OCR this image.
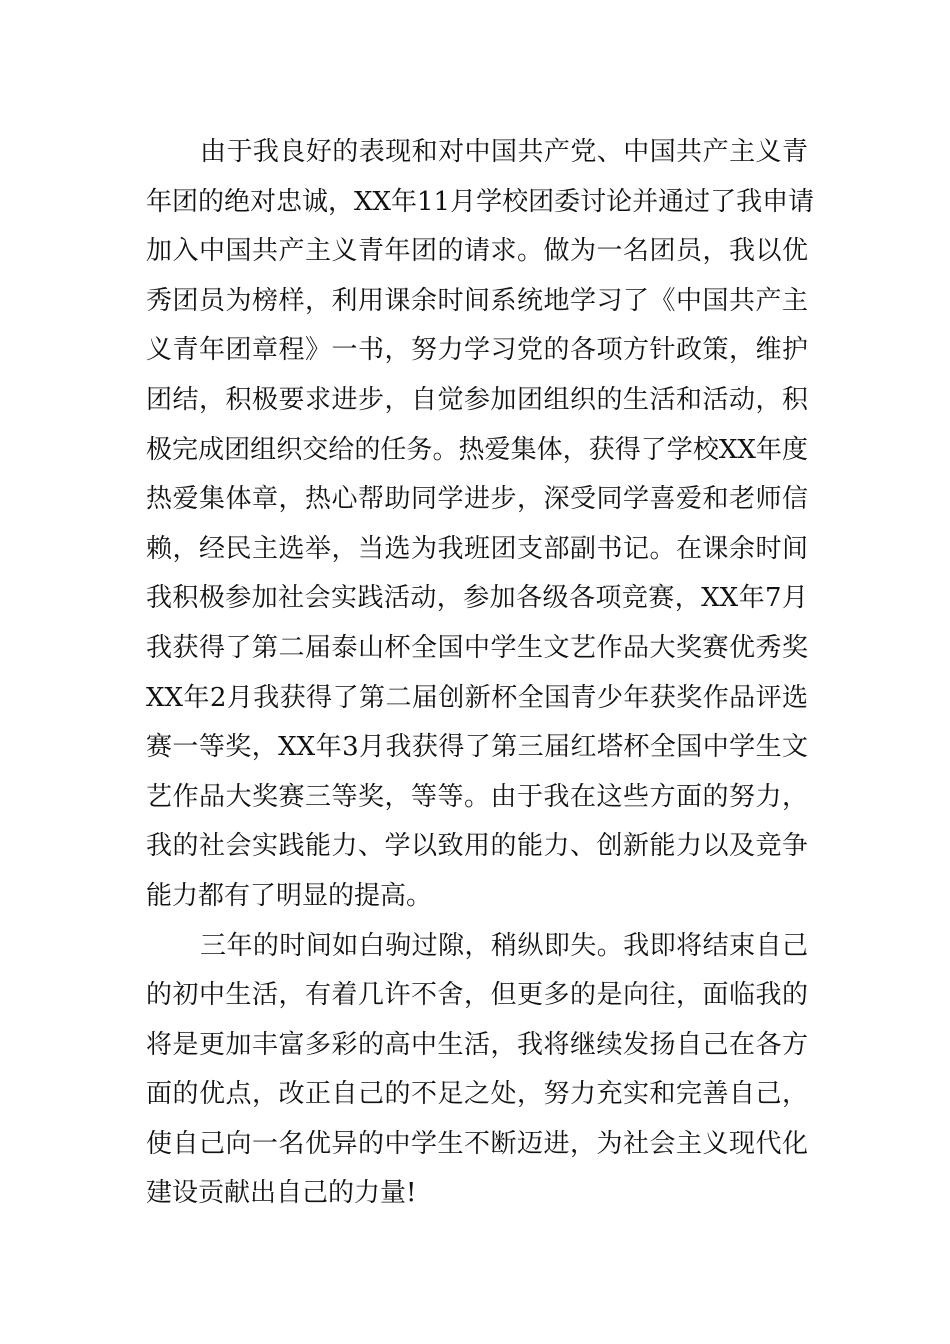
由于我良好的表现和对中国共产党、中国共产主义青
年团的绝对忠诚，XX年11月学校团委讨论并通过了我申请
加入中国共产主义青年团的请求。做为一名团员，我以优
秀团员为榜样，利用课余时间系统地学习了《中国共产主
义青年团章程》一书，努力学习党的各项方针政策，维护
团结，积极要求进步，自觉参加团组织的生活和活动，积
极完成团组织交给的任务。热爱集体，获得了学校XX年度
热爱集体章，热心帮助同学进步，深受同学喜爱和老师信
赖，经民主选举，当选为我班团支部副书记。在课余时间
我积极参加社会实践活动，参加各级各项竞赛，XX年7月
我获得了第二届泰山杯全国中学生文艺作品大奖赛优秀奖
XX年2月我获得了第二届创新杯全国青少年获奖作品评选
赛一等奖，XX年3月我获得了第三届红塔杯全国中学生文
艺作品大奖赛三等奖，等等。由于我在这些方面的努力，
我的社会实践能力、学以致用的能力、创新能力以及竞争
能力都有了明显的提高。
三年的时间如白驹过隙，稍纵即失。我即将结束自己
的初中生活，有着几许不舍，但更多的是向往，面临我的
将是更加丰富多彩的高中生活，我将继续发扬自己在各方
面的优点，改正自己的不足之处，努力充实和完善自己，
使自己向一名优异的中学生不断迈进，为社会主义现代化
建设贡献出自己的力量!
